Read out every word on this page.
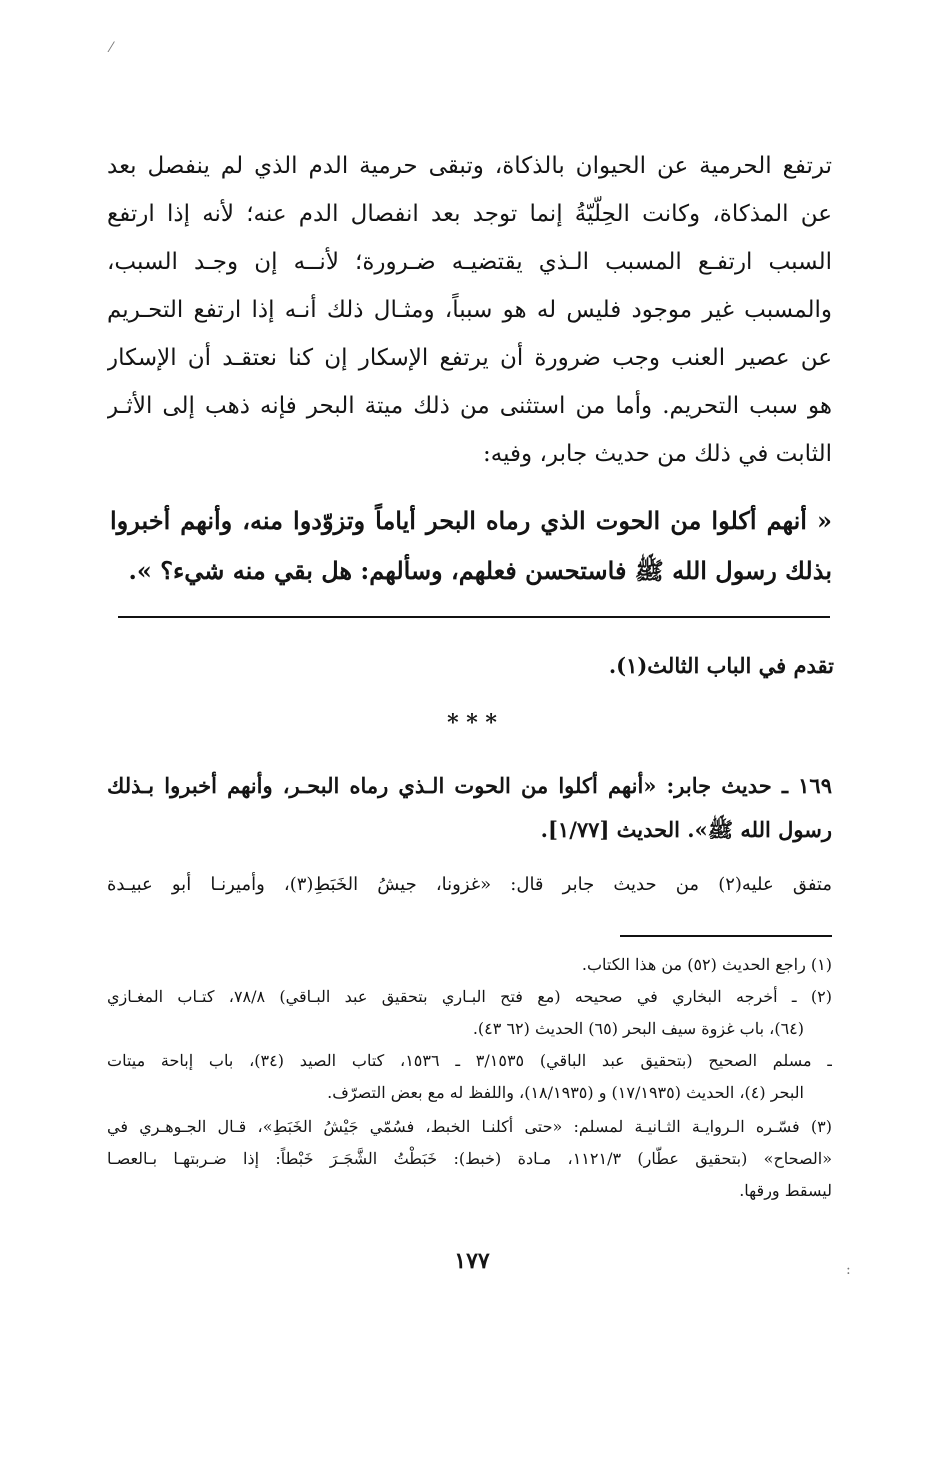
ترتفع الحرمية عن الحيوان بالذكاة، وتبقى حرمية الدم الذي لم ينفصل بعد
عن المذكاة، وكانت الحِلّيّةُ إنما توجد بعد انفصال الدم عنه؛ لأنه إذا ارتفع
السبب ارتفـع المسبب الـذي يقتضيـه ضـرورة؛ لأنــه إن وجـد السبب،
والمسبب غير موجود فليس له هو سبباً، ومثـال ذلك أنـه إذا ارتفع التحـريم
عن عصير العنب وجب ضرورة أن يرتفع الإسكار إن كنا نعتقـد أن الإسكار
هو سبب التحريم. وأما من استثنى من ذلك ميتة البحر فإنه ذهب إلى الأثـر
الثابت في ذلك من حديث جابر، وفيه:
« أنهم أكلوا من الحوت الذي رماه البحر أياماً وتزوّدوا منه، وأنهم أخبروا
بذلك رسول الله ﷺ فاستحسن فعلهم، وسألهم: هل بقي منه شيء؟ ».
تقدم في الباب الثالث(١).
* * *
١٦٩ ـ حديث جابر: «أنهم أكلوا من الحوت الـذي رماه البحـر، وأنهم أخبروا بـذلك
رسول الله ﷺ». الحديث [١/٧٧].
متفق عليه(٢) من حديث جابر قال: «غزونا، جيشُ الخَبَطِ(٣)، وأميرنـا أبو عبيـدة
(١) راجع الحديث (٥٢) من هذا الكتاب.
(٢) ـ أخرجه البخاري في صحيحه (مع فتح البـاري بتحقيق عبد البـاقي) ٧٨/٨، كتـاب المغـازي
(٦٤)، باب غزوة سيف البحر (٦٥) الحديث (٦٢ ٤٣).
ـ مسلم الصحيح (بتحقيق عبد الباقي) ٣/١٥٣٥ ـ ١٥٣٦، كتاب الصيد (٣٤)، باب إباحة ميتات
البحر (٤)، الحديث (١٧/١٩٣٥) و (١٨/١٩٣٥)، واللفظ له مع بعض التصرّف.
(٣) فسّـره الـروايـة الثـانيـة لمسلم: «حتى أكلنـا الخبط، فسُمّي جَيْشُ الخَبَطِ»، قـال الجـوهـري في
«الصحاح» (بتحقيق عطّار) ١١٢١/٣، مـادة (خبط): خَبَطْتُ الشَّجَـرَ خَبْطاً: إذا ضـربتهـا بـالعصـا
ليسقط ورقها.
١٧٧
⁄
:
